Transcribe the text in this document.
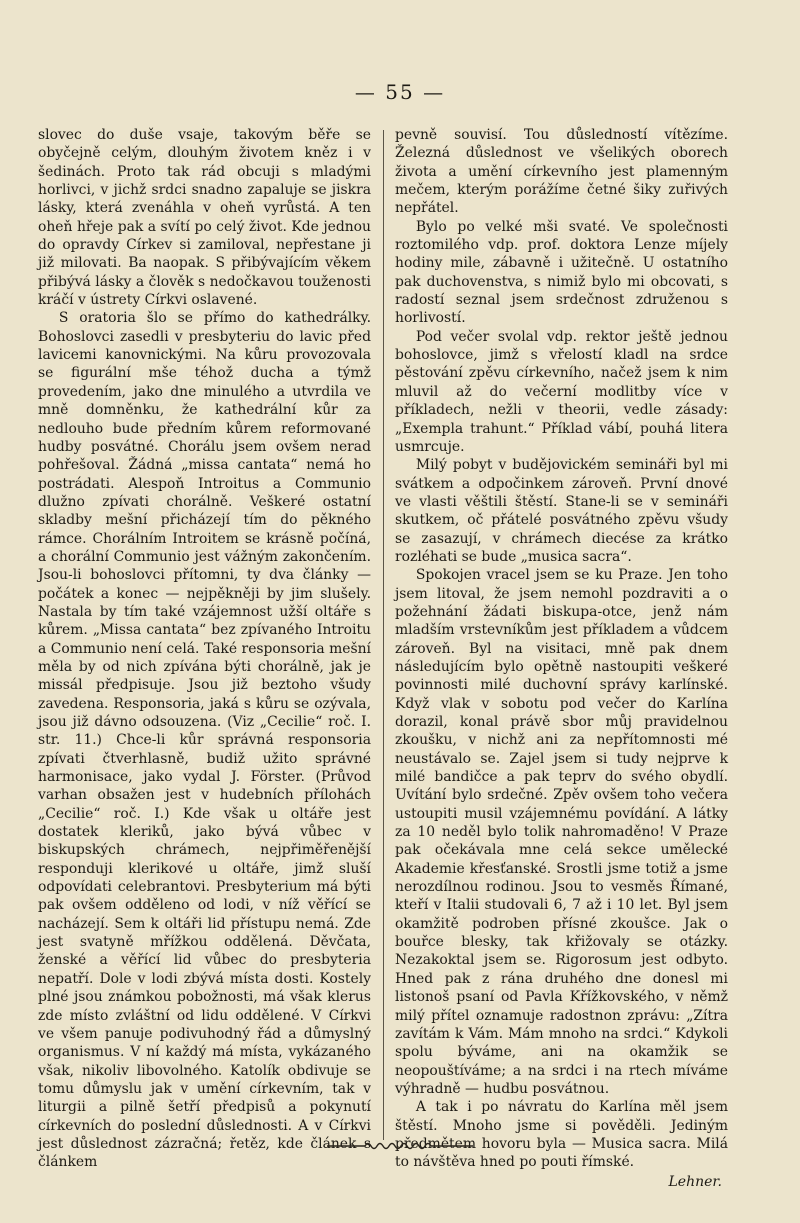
— 55 —

slovec do duše vsaje, takovým běře se obyčejně celým, dlouhým životem kněz i v šedinách. Proto tak rád obcuji s mladými horlivci, v jichž srdci snadno zapaluje se jiskra lásky, která zvenáhla v oheň vyrůstá. A ten oheň hřeje pak a svítí po celý život. Kde jednou do opravdy Církev si zamiloval, nepřestane ji již milovati. Ba naopak. S přibývajícím věkem přibývá lásky a člověk s nedočkavou touženosti kráčí v ústrety Církvi oslavené.

S oratoria šlo se přímo do kathedrálky. Bohoslovci zasedli v presbyteriu do lavic před lavicemi kanovnickými. Na kůru provozovala se figurální mše téhož ducha a týmž provedením, jako dne minulého a utvrdila ve mně domněnku, že kathedrální kůr za nedlouho bude předním kůrem reformované hudby posvátné. Chorálu jsem ovšem nerad pohřešoval. Žádná „missa cantata“ nemá ho postrádati. Alespoň Introitus a Communio dlužno zpívati chorálně. Veškeré ostatní skladby mešní přicházejí tím do pěkného rámce. Chorálním Introitem se krásně počíná, a chorální Communio jest vážným zakončením. Jsou-li bohoslovci přítomni, ty dva články — počátek a konec — nejpěkněji by jim slušely. Nastala by tím také vzájemnost užší oltáře s kůrem. „Missa cantata“ bez zpívaného Introitu a Communio není celá. Také responsoria mešní měla by od nich zpívána býti chorálně, jak je missál předpisuje. Jsou již beztoho všudy zavedena. Responsoria, jaká s kůru se ozývala, jsou již dávno odsouzena. (Viz „Cecilie“ roč. I. str. 11.) Chce-li kůr správná responsoria zpívati čtverhlasně, budiž užito správné harmonisace, jako vydal J. Förster. (Průvod varhan obsažen jest v hudebních přílohách „Cecilie“ roč. I.) Kde však u oltáře jest dostatek kleriků, jako bývá vůbec v biskupských chrámech, nejpřiměřenější responduji klerikové u oltáře, jimž sluší odpovídati celebrantovi. Presbyterium má býti pak ovšem odděleno od lodi, v níž věřící se nacházejí. Sem k oltáři lid přístupu nemá. Zde jest svatyně mřížkou oddělená. Děvčata, ženské a věřící lid vůbec do presbyteria nepatří. Dole v lodi zbývá místa dosti. Kostely plné jsou známkou pobožnosti, má však klerus zde místo zvláštní od lidu oddělené. V Církvi ve všem panuje podivuhodný řád a důmyslný organismus. V ní každý má místa, vykázaného však, nikoliv libovolného. Katolík obdivuje se tomu důmyslu jak v umění církevním, tak v liturgii a pilně šetří předpisů a pokynutí církevních do poslední důslednosti. A v Církvi jest důslednost zázračná; řetěz, kde článek s článkem

pevně souvisí. Tou důsledností vítězíme. Železná důslednost ve všelikých oborech života a umění církevního jest plamenným mečem, kterým porážíme četné šiky zuřivých nepřátel.

Bylo po velké mši svaté. Ve společnosti roztomilého vdp. prof. doktora Lenze míjely hodiny mile, zábavně i užitečně. U ostatního pak duchovenstva, s nimiž bylo mi obcovati, s radostí seznal jsem srdečnost združenou s horlivostí.

Pod večer svolal vdp. rektor ještě jednou bohoslovce, jimž s vřelostí kladl na srdce pěstování zpěvu církevního, načež jsem k nim mluvil až do večerní modlitby více v příkladech, nežli v theorii, vedle zásady: „Exempla trahunt.“ Příklad vábí, pouhá litera usmrcuje.

Milý pobyt v budějovickém semináři byl mi svátkem a odpočinkem zároveň. První dnové ve vlasti věštili štěstí. Stane-li se v semináři skutkem, oč přátelé posvátného zpěvu všudy se zasazují, v chrámech diecése za krátko rozléhati se bude „musica sacra“.

Spokojen vracel jsem se ku Praze. Jen toho jsem litoval, že jsem nemohl pozdraviti a o požehnání žádati biskupa-otce, jenž nám mladším vrstevníkům jest příkladem a vůdcem zároveň. Byl na visitaci, mně pak dnem následujícím bylo opětně nastoupiti veškeré povinnosti milé duchovní správy karlínské. Když vlak v sobotu pod večer do Karlína dorazil, konal právě sbor můj pravidelnou zkoušku, v nichž ani za nepřítomnosti mé neustávalo se. Zajel jsem si tudy nejprve k milé bandičce a pak teprv do svého obydlí. Uvítání bylo srdečné. Zpěv ovšem toho večera ustoupiti musil vzájemnému povídání. A látky za 10 neděl bylo tolik nahromaděno! V Praze pak očekávala mne celá sekce umělecké Akademie křesťanské. Srostli jsme totiž a jsme nerozdílnou rodinou. Jsou to vesměs Římané, kteří v Italii studovali 6, 7 až i 10 let. Byl jsem okamžitě podroben přísné zkoušce. Jak o bouřce blesky, tak křižovaly se otázky. Nezakoktal jsem se. Rigorosum jest odbyto. Hned pak z rána druhého dne donesl mi listonoš psaní od Pavla Křížkovského, v němž milý přítel oznamuje radostnon zprávu: „Zítra zavítám k Vám. Mám mnoho na srdci.“ Kdykoli spolu býváme, ani na okamžik se neopouštíváme; a na srdci i na rtech míváme výhradně — hudbu posvátnou.

A tak i po návratu do Karlína měl jsem štěstí. Mnoho jsme si pověděli. Jediným předmětem hovoru byla — Musica sacra. Milá to návštěva hned po pouti římské.

Lehner.
